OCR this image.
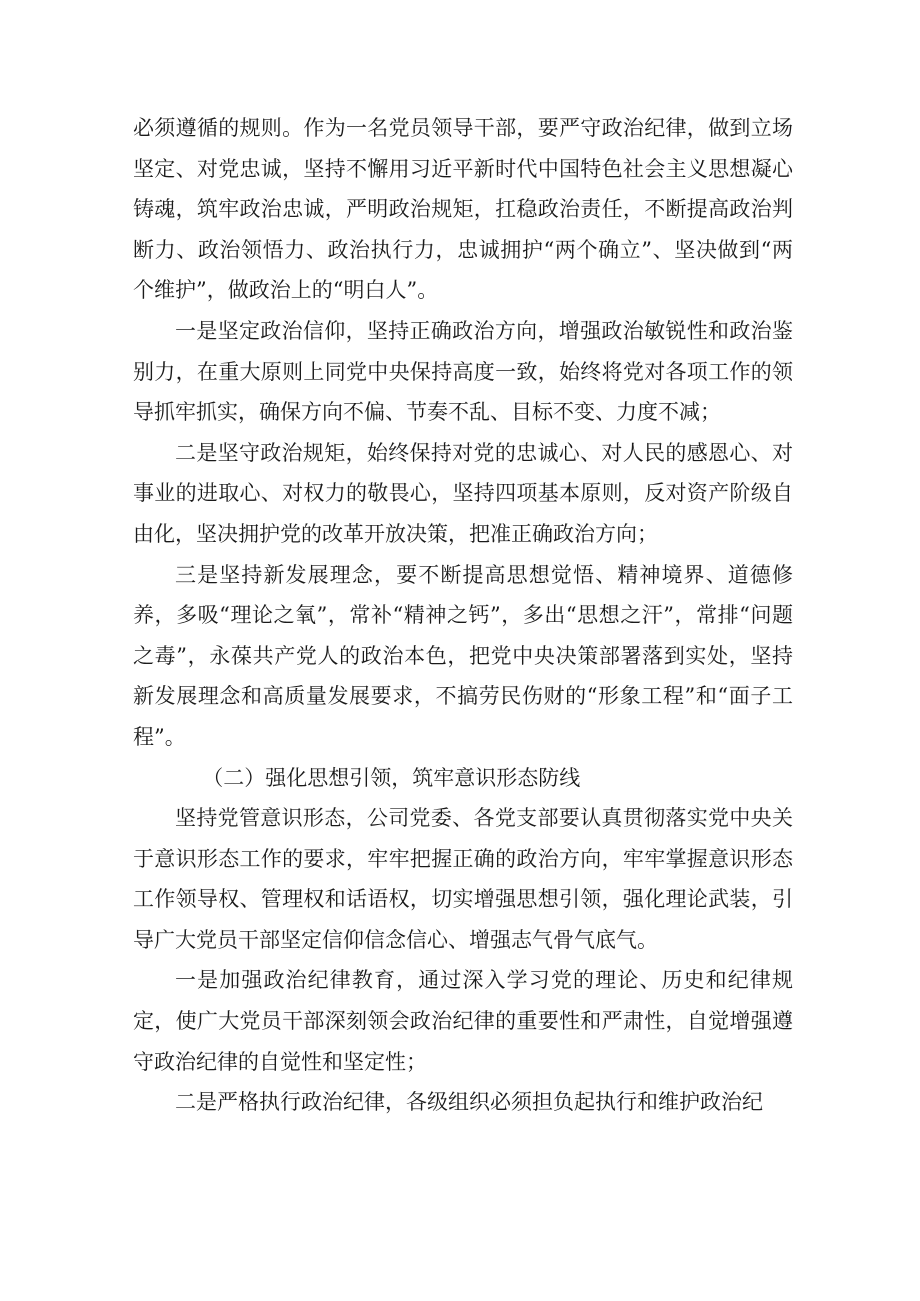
必须遵循的规则。作为一名党员领导干部，要严守政治纪律，做到立场坚定、对党忠诚，坚持不懈用习近平新时代中国特色社会主义思想凝心铸魂，筑牢政治忠诚，严明政治规矩，扛稳政治责任，不断提高政治判断力、政治领悟力、政治执行力，忠诚拥护“两个确立”、坚决做到“两个维护”，做政治上的“明白人”。

一是坚定政治信仰，坚持正确政治方向，增强政治敏锐性和政治鉴别力，在重大原则上同党中央保持高度一致，始终将党对各项工作的领导抓牢抓实，确保方向不偏、节奏不乱、目标不变、力度不减；

二是坚守政治规矩，始终保持对党的忠诚心、对人民的感恩心、对事业的进取心、对权力的敬畏心，坚持四项基本原则，反对资产阶级自由化，坚决拥护党的改革开放决策，把准正确政治方向；

三是坚持新发展理念，要不断提高思想觉悟、精神境界、道德修养，多吸“理论之氧”，常补“精神之钙”，多出“思想之汗”，常排“问题之毒”，永葆共产党人的政治本色，把党中央决策部署落到实处，坚持新发展理念和高质量发展要求，不搞劳民伤财的“形象工程”和“面子工程”。

（二）强化思想引领，筑牢意识形态防线

坚持党管意识形态，公司党委、各党支部要认真贯彻落实党中央关于意识形态工作的要求，牢牢把握正确的政治方向，牢牢掌握意识形态工作领导权、管理权和话语权，切实增强思想引领，强化理论武装，引导广大党员干部坚定信仰信念信心、增强志气骨气底气。

一是加强政治纪律教育，通过深入学习党的理论、历史和纪律规定，使广大党员干部深刻领会政治纪律的重要性和严肃性，自觉增强遵守政治纪律的自觉性和坚定性；

二是严格执行政治纪律，各级组织必须担负起执行和维护政治纪
